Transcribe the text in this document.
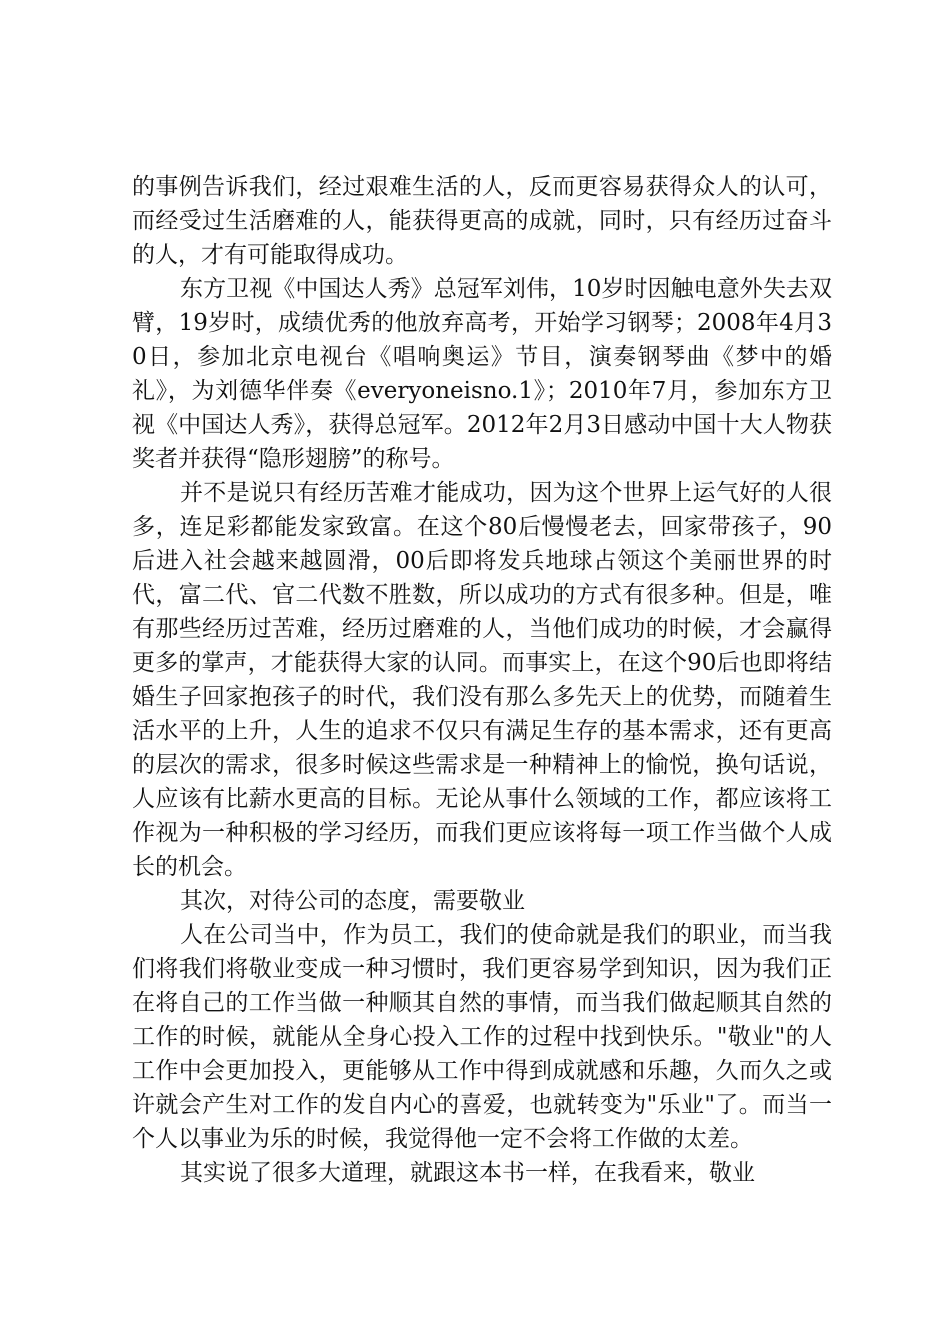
的事例告诉我们，经过艰难生活的人，反而更容易获得众人的认可，而经受过生活磨难的人，能获得更高的成就，同时，只有经历过奋斗的人，才有可能取得成功。

东方卫视《中国达人秀》总冠军刘伟，10岁时因触电意外失去双臂，19岁时，成绩优秀的他放弃高考，开始学习钢琴；2008年4月30日，参加北京电视台《唱响奥运》节目，演奏钢琴曲《梦中的婚礼》，为刘德华伴奏《everyoneisno.1》；2010年7月，参加东方卫视《中国达人秀》，获得总冠军。2012年2月3日感动中国十大人物获奖者并获得“隐形翅膀”的称号。

并不是说只有经历苦难才能成功，因为这个世界上运气好的人很多，连足彩都能发家致富。在这个80后慢慢老去，回家带孩子，90后进入社会越来越圆滑，00后即将发兵地球占领这个美丽世界的时代，富二代、官二代数不胜数，所以成功的方式有很多种。但是，唯有那些经历过苦难，经历过磨难的人，当他们成功的时候，才会赢得更多的掌声，才能获得大家的认同。而事实上，在这个90后也即将结婚生子回家抱孩子的时代，我们没有那么多先天上的优势，而随着生活水平的上升，人生的追求不仅只有满足生存的基本需求，还有更高的层次的需求，很多时候这些需求是一种精神上的愉悦，换句话说，人应该有比薪水更高的目标。无论从事什么领域的工作，都应该将工作视为一种积极的学习经历，而我们更应该将每一项工作当做个人成长的机会。

其次，对待公司的态度，需要敬业

人在公司当中，作为员工，我们的使命就是我们的职业，而当我们将我们将敬业变成一种习惯时，我们更容易学到知识，因为我们正在将自己的工作当做一种顺其自然的事情，而当我们做起顺其自然的工作的时候，就能从全身心投入工作的过程中找到快乐。"敬业"的人工作中会更加投入，更能够从工作中得到成就感和乐趣，久而久之或许就会产生对工作的发自内心的喜爱，也就转变为"乐业"了。而当一个人以事业为乐的时候，我觉得他一定不会将工作做的太差。

其实说了很多大道理，就跟这本书一样，在我看来，敬业
